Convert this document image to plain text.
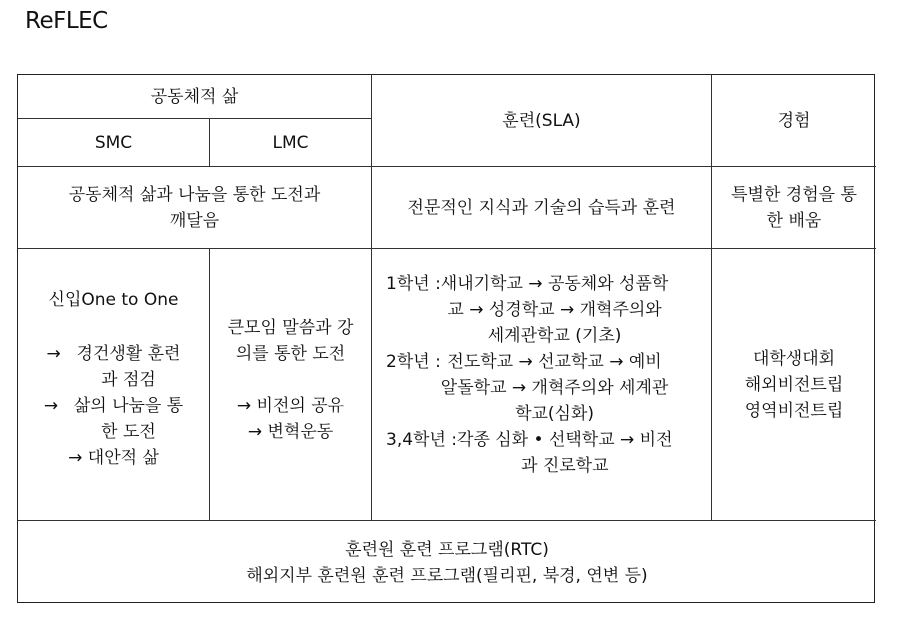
ReFLEC
공동체적 삶
SMC	LMC
훈련(SLA)	경험
공동체적 삶과 나눔을 통한 도전과
깨달음
전문적인 지식과 기술의 습득과 훈련
특별한 경험을 통
한 배움
신입One to One
→ 경건생활 훈련
과 점검
→ 삶의 나눔을 통
한 도전
→ 대안적 삶
큰모임 말씀과 강
의를 통한 도전
→ 비전의 공유
→ 변혁운동
1학년 : 새내기학교 → 공동체와 성품학
교 → 성경학교 → 개혁주의와
세계관학교 (기초)
2학년 : 전도학교 → 선교학교 → 예비
알돌학교 → 개혁주의와 세계관
학교(심화)
3,4학년 : 각종 심화 • 선택학교 → 비전
과 진로학교
대학생대회
해외비전트립
영역비전트립
훈련원 훈련 프로그램(RTC)
해외지부 훈련원 훈련 프로그램(필리핀, 북경, 연변 등)
